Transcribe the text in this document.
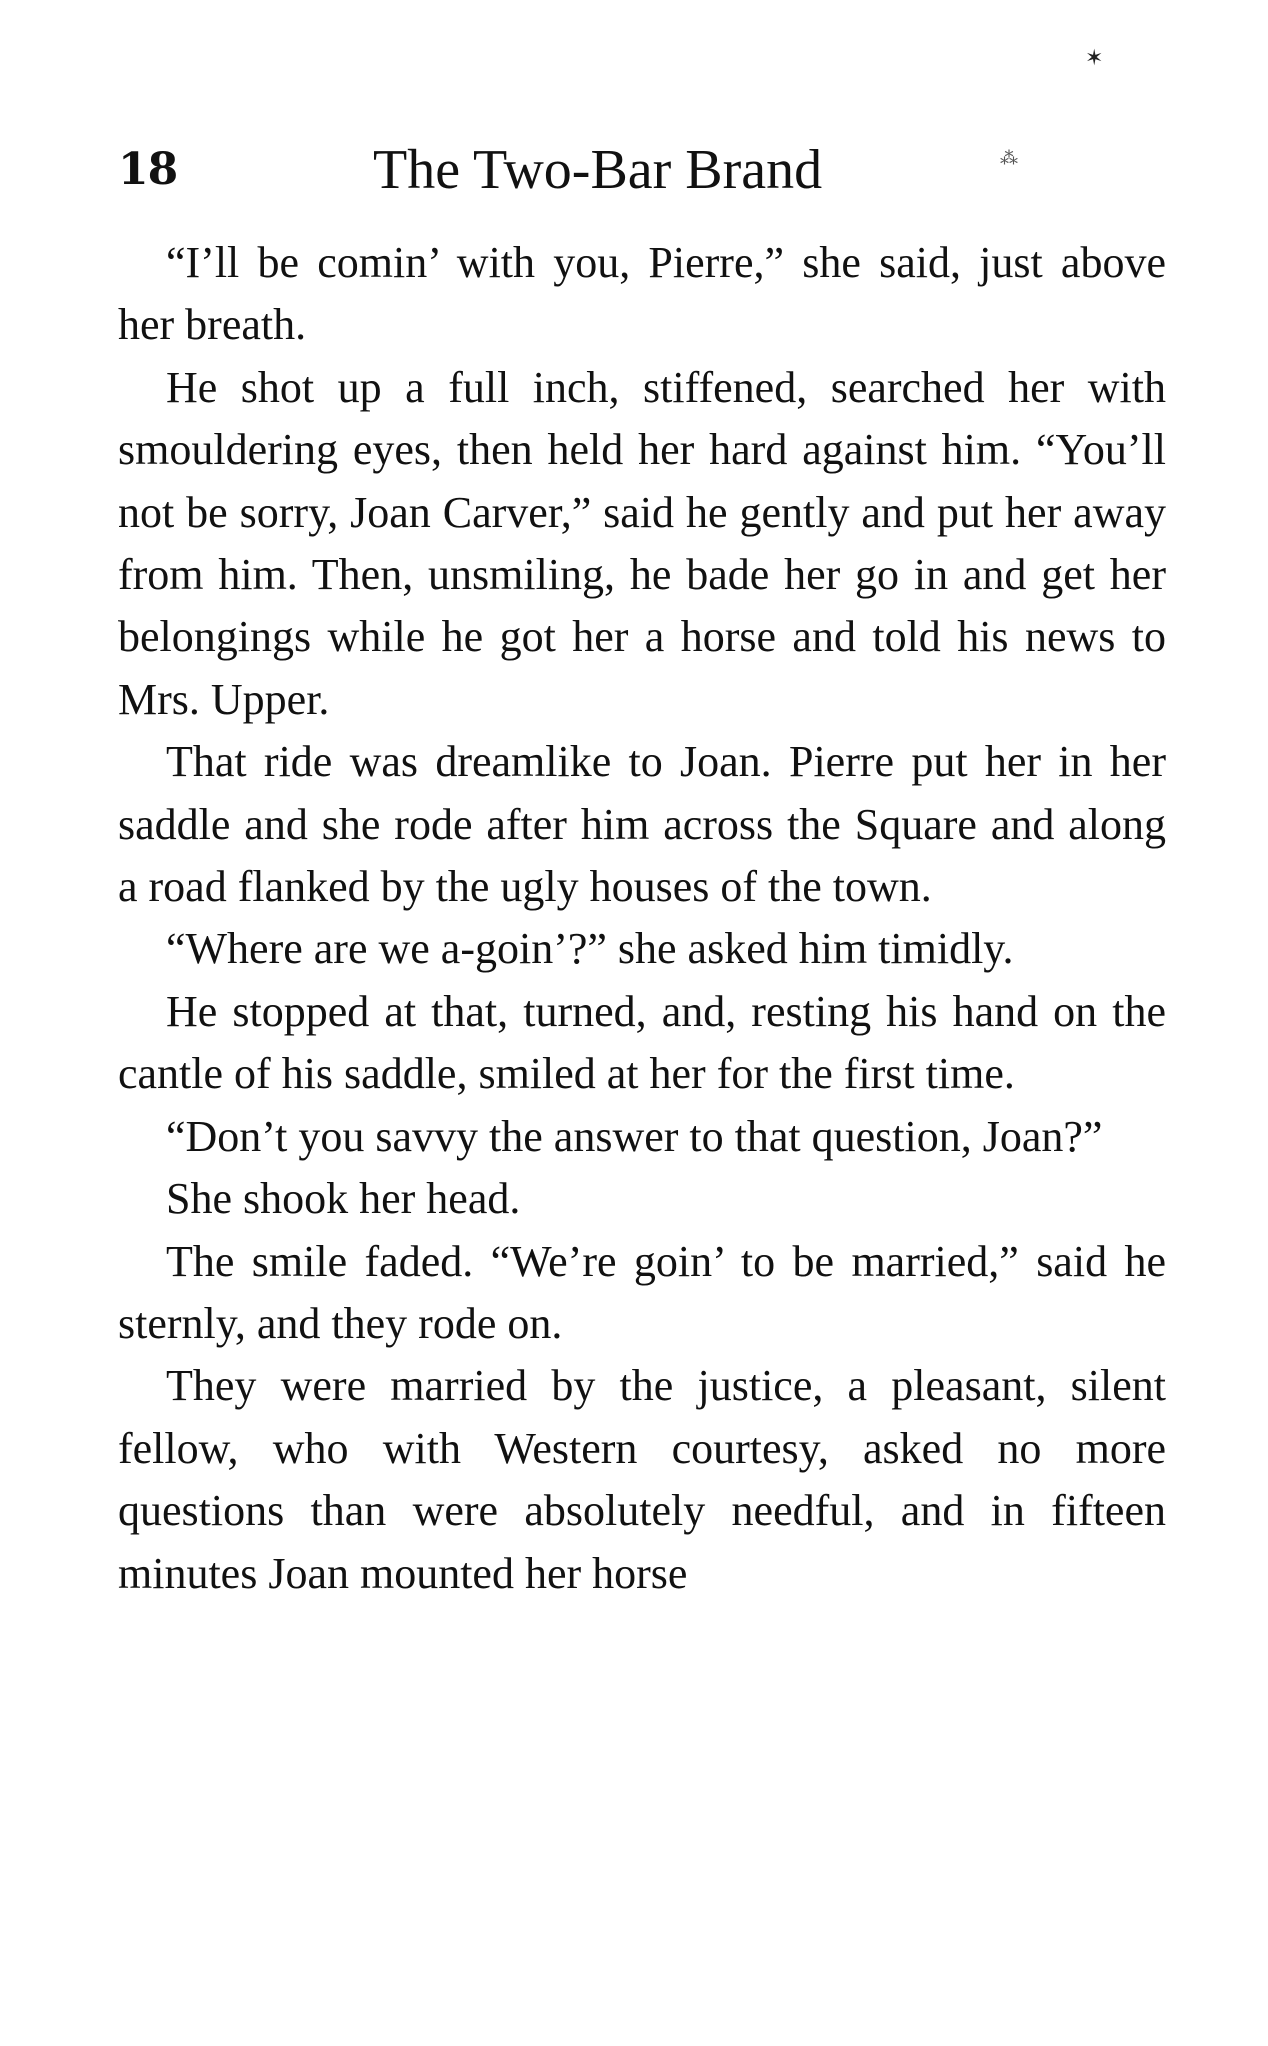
✶
⁂
18	The Two-Bar Brand

“I’ll be comin’ with you, Pierre,” she said, just above her breath.

He shot up a full inch, stiffened, searched her with smouldering eyes, then held her hard against him. “You’ll not be sorry, Joan Carver,” said he gently and put her away from him. Then, unsmiling, he bade her go in and get her belongings while he got her a horse and told his news to Mrs. Upper.

That ride was dreamlike to Joan. Pierre put her in her saddle and she rode after him across the Square and along a road flanked by the ugly houses of the town.

“Where are we a-goin’?” she asked him timidly.

He stopped at that, turned, and, resting his hand on the cantle of his saddle, smiled at her for the first time.

“Don’t you savvy the answer to that question, Joan?”

She shook her head.

The smile faded. “We’re goin’ to be married,” said he sternly, and they rode on.

They were married by the justice, a pleasant, silent fellow, who with Western courtesy, asked no more questions than were absolutely needful, and in fifteen minutes Joan mounted her horse
